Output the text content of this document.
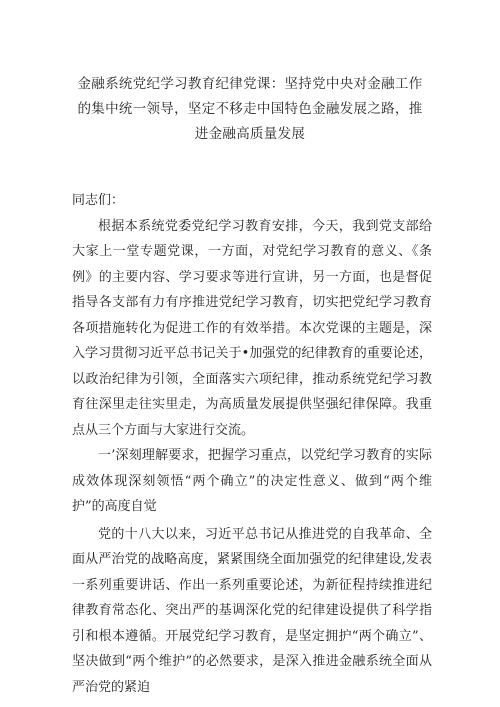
金融系统党纪学习教育纪律党课：坚持党中央对金融工作
的集中统一领导，坚定不移走中国特色金融发展之路，推
进金融高质量发展

同志们：

根据本系统党委党纪学习教育安排，今天，我到党支部给大家上一堂专题党课，一方面，对党纪学习教育的意义、《条例》的主要内容、学习要求等进行宣讲，另一方面，也是督促指导各支部有力有序推进党纪学习教育，切实把党纪学习教育各项措施转化为促进工作的有效举措。本次党课的主题是，深入学习贯彻习近平总书记关于•加强党的纪律教育的重要论述，以政治纪律为引领，全面落实六项纪律，推动系统党纪学习教育往深里走往实里走，为高质量发展提供坚强纪律保障。我重点从三个方面与大家进行交流。

一’深刻理解要求，把握学习重点，以党纪学习教育的实际成效体现深刻领悟“两个确立”的决定性意义、做到“两个维护”的高度自觉

党的十八大以来，习近平总书记从推进党的自我革命、全面从严治党的战略高度，紧紧围绕全面加强党的纪律建设,发表一系列重要讲话、作出一系列重要论述，为新征程持续推进纪律教育常态化、突出严的基调深化党的纪律建设提供了科学指引和根本遵循。开展党纪学习教育，是坚定拥护“两个确立”、坚决做到“两个维护”的必然要求，是深入推进金融系统全面从严治党的紧迫
